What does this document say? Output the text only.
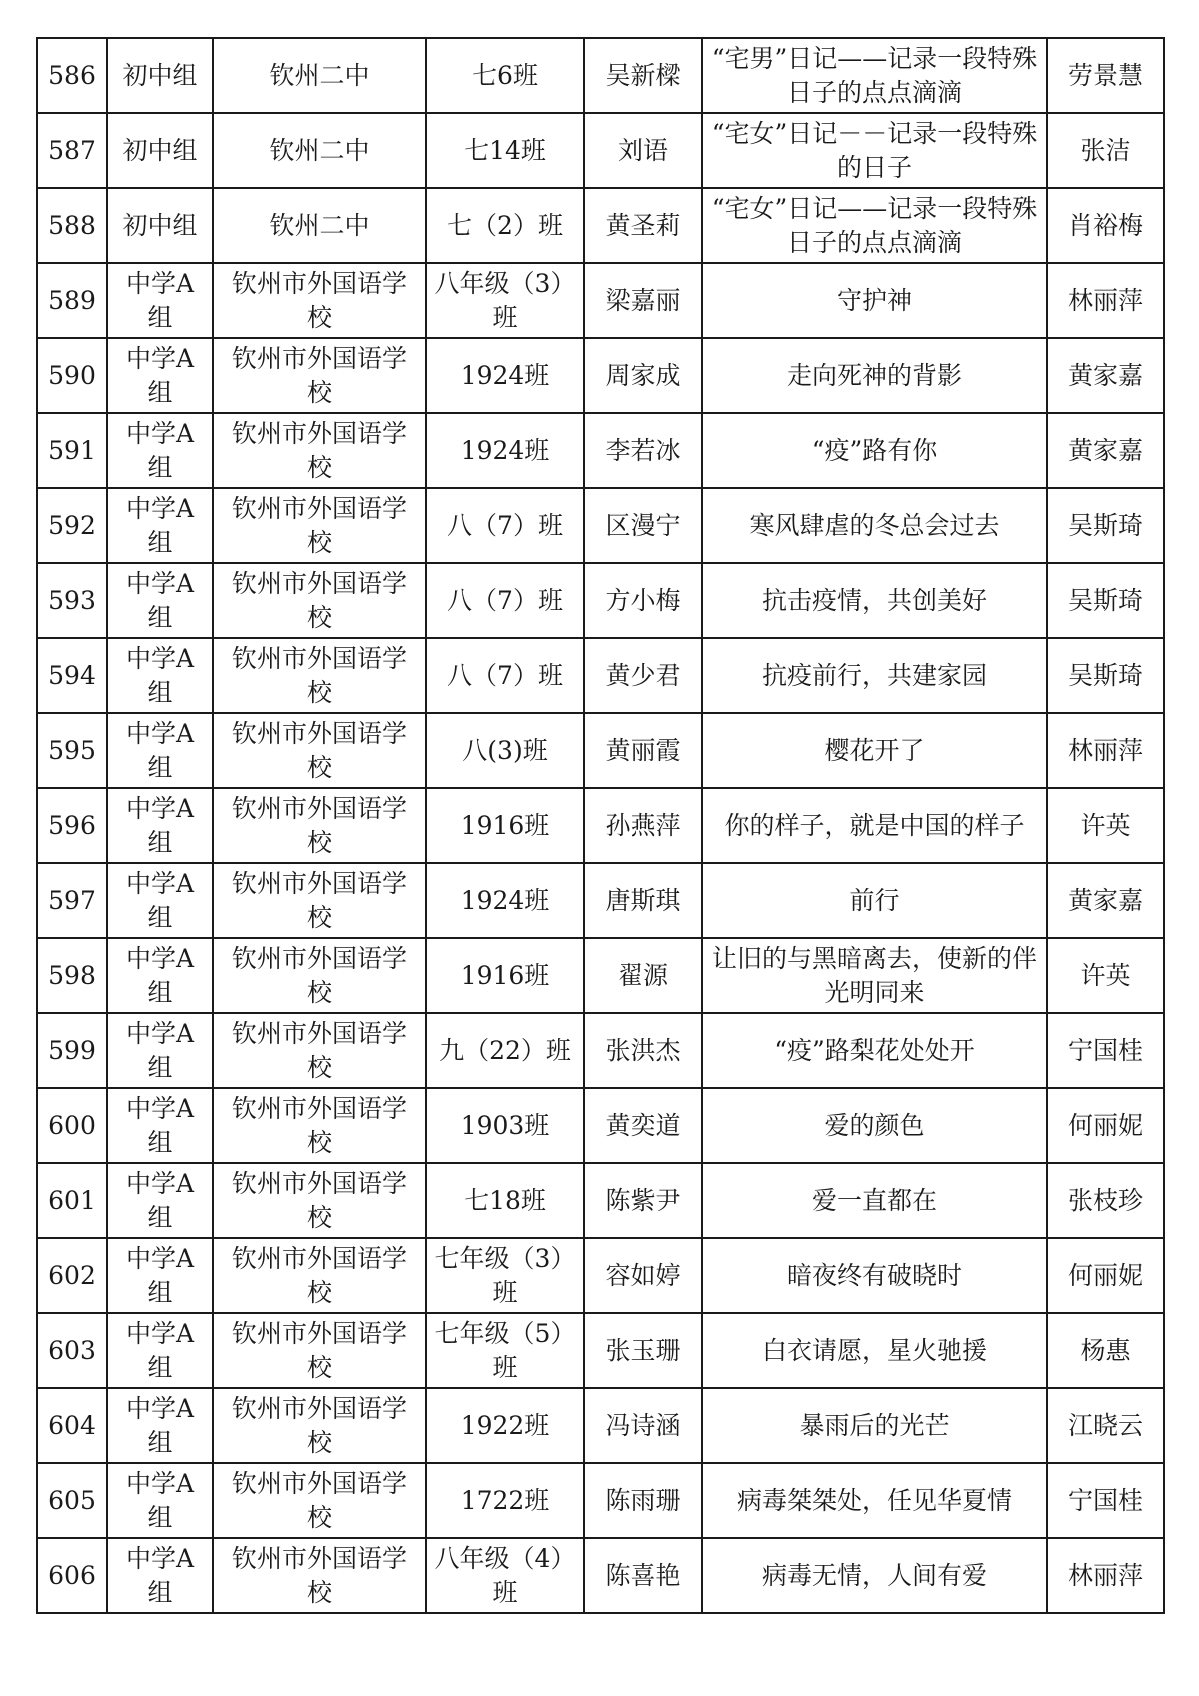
586	初中组	钦州二中	七6班	吴新樑	“宅男”日记——记录一段特殊日子的点点滴滴	劳景慧
587	初中组	钦州二中	七14班	刘语	“宅女”日记－－记录一段特殊的日子	张洁
588	初中组	钦州二中	七（2）班	黄圣莉	“宅女”日记——记录一段特殊日子的点点滴滴	肖裕梅
589	中学A组	钦州市外国语学校	八年级（3）班	梁嘉丽	守护神	林丽萍
590	中学A组	钦州市外国语学校	1924班	周家成	走向死神的背影	黄家嘉
591	中学A组	钦州市外国语学校	1924班	李若冰	“疫”路有你	黄家嘉
592	中学A组	钦州市外国语学校	八（7）班	区漫宁	寒风肆虐的冬总会过去	吴斯琦
593	中学A组	钦州市外国语学校	八（7）班	方小梅	抗击疫情，共创美好	吴斯琦
594	中学A组	钦州市外国语学校	八（7）班	黄少君	抗疫前行，共建家园	吴斯琦
595	中学A组	钦州市外国语学校	八(3)班	黄丽霞	樱花开了	林丽萍
596	中学A组	钦州市外国语学校	1916班	孙燕萍	你的样子，就是中国的样子	许英
597	中学A组	钦州市外国语学校	1924班	唐斯琪	前行	黄家嘉
598	中学A组	钦州市外国语学校	1916班	翟源	让旧的与黑暗离去，使新的伴光明同来	许英
599	中学A组	钦州市外国语学校	九（22）班	张洪杰	“疫”路梨花处处开	宁国桂
600	中学A组	钦州市外国语学校	1903班	黄奕道	爱的颜色	何丽妮
601	中学A组	钦州市外国语学校	七18班	陈紫尹	爱一直都在	张枝珍
602	中学A组	钦州市外国语学校	七年级（3）班	容如婷	暗夜终有破晓时	何丽妮
603	中学A组	钦州市外国语学校	七年级（5）班	张玉珊	白衣请愿，星火驰援	杨惠
604	中学A组	钦州市外国语学校	1922班	冯诗涵	暴雨后的光芒	江晓云
605	中学A组	钦州市外国语学校	1722班	陈雨珊	病毒桀桀处，任见华夏情	宁国桂
606	中学A组	钦州市外国语学校	八年级（4）班	陈喜艳	病毒无情，人间有爱	林丽萍
